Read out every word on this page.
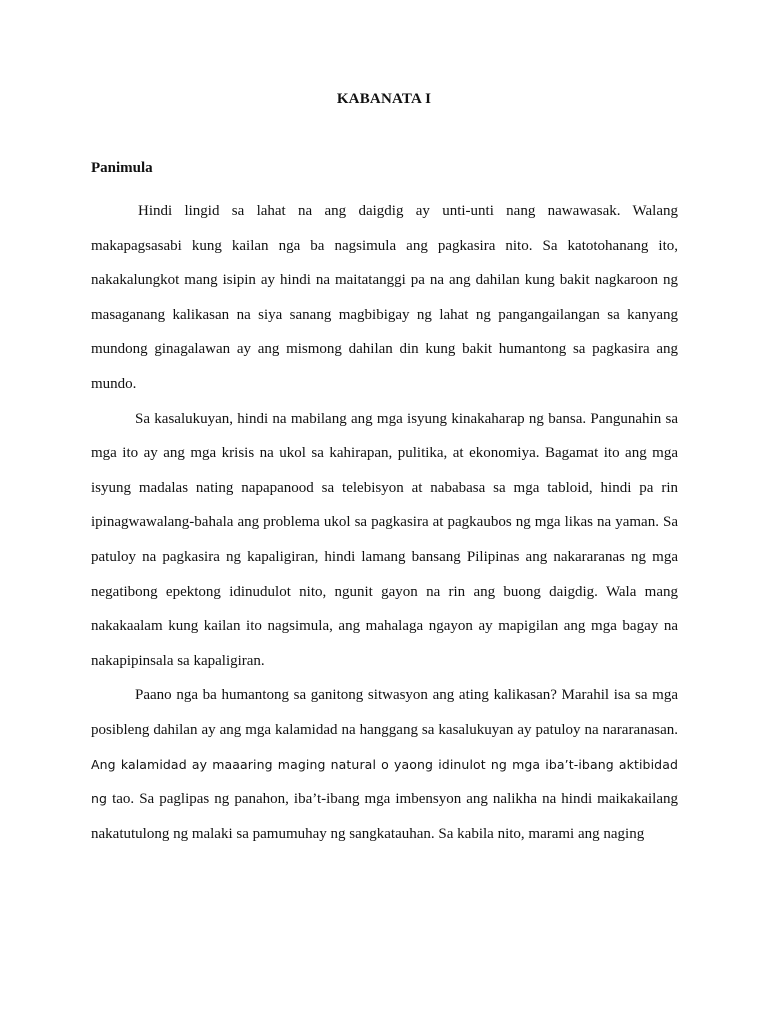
KABANATA I
Panimula

Hindi lingid sa lahat na ang daigdig ay unti-unti nang nawawasak. Walang makapagsasabi kung kailan nga ba nagsimula ang pagkasira nito. Sa katotohanang ito, nakakalungkot mang isipin ay hindi na maitatanggi pa na ang dahilan kung bakit nagkaroon ng masaganang kalikasan na siya sanang magbibigay ng lahat ng pangangailangan sa kanyang mundong ginagalawan ay ang mismong dahilan din kung bakit humantong sa pagkasira ang mundo.

Sa kasalukuyan, hindi na mabilang ang mga isyung kinakaharap ng bansa. Pangunahin sa mga ito ay ang mga krisis na ukol sa kahirapan, pulitika, at ekonomiya. Bagamat ito ang mga isyung madalas nating napapanood sa telebisyon at nababasa sa mga tabloid, hindi pa rin ipinagwawalang-bahala ang problema ukol sa pagkasira at pagkaubos ng mga likas na yaman. Sa patuloy na pagkasira ng kapaligiran, hindi lamang bansang Pilipinas ang nakararanas ng mga negatibong epektong idinudulot nito, ngunit gayon na rin ang buong daigdig. Wala mang nakakaalam kung kailan ito nagsimula, ang mahalaga ngayon ay mapigilan ang mga bagay na nakapipinsala sa kapaligiran.

Paano nga ba humantong sa ganitong sitwasyon ang ating kalikasan? Marahil isa sa mga posibleng dahilan ay ang mga kalamidad na hanggang sa kasalukuyan ay patuloy na nararanasan. Ang kalamidad ay maaaring maging natural o yaong idinulot ng mga iba’t-ibang aktibidad ng tao. Sa paglipas ng panahon, iba’t-ibang mga imbensyon ang nalikha na hindi maikakailang nakatutulong ng malaki sa pamumuhay ng sangkatauhan. Sa kabila nito, marami ang naging
